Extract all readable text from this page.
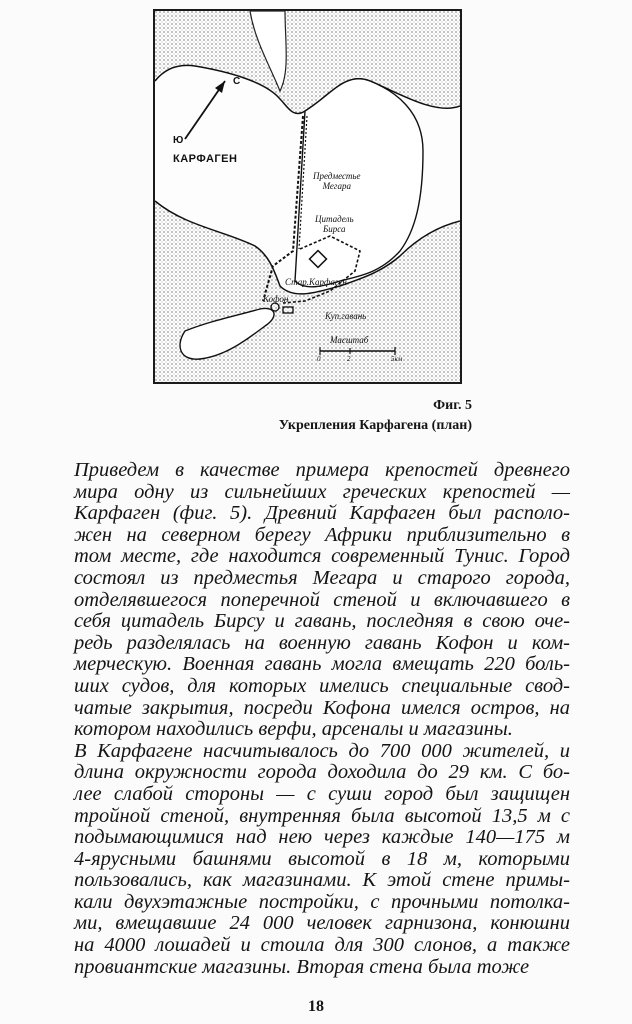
С
Ю
КАРФАГЕН
Предместье
Мегара
Цитадель
Бирса
Стар.Карфаген
Кофон
Куп.гавань
Масштаб
0	2	5км
Фиг. 5
Укрепления Карфагена (план)
Приведем в качестве примера крепостей древнего
мира одну из сильнейших греческих крепостей —
Карфаген (фиг. 5). Древний Карфаген был располо-
жен на северном берегу Африки приблизительно в
том месте, где находится современный Тунис. Город
состоял из предместья Мегара и старого города,
отделявшегося поперечной стеной и включавшего в
себя цитадель Бирсу и гавань, последняя в свою оче-
редь разделялась на военную гавань Кофон и ком-
мерческую. Военная гавань могла вмещать 220 боль-
ших судов, для которых имелись специальные свод-
чатые закрытия, посреди Кофона имелся остров, на
котором находились верфи, арсеналы и магазины.
В Карфагене насчитывалось до 700 000 жителей, и
длина окружности города доходила до 29 км. С бо-
лее слабой стороны — с суши город был защищен
тройной стеной, внутренняя была высотой 13,5 м с
подымающимися над нею через каждые 140—175 м
4-ярусными башнями высотой в 18 м, которыми
пользовались, как магазинами. К этой стене примы-
кали двухэтажные постройки, с прочными потолка-
ми, вмещавшие 24 000 человек гарнизона, конюшни
на 4000 лошадей и стоила для 300 слонов, а также
провиантские магазины. Вторая стена была тоже
18
